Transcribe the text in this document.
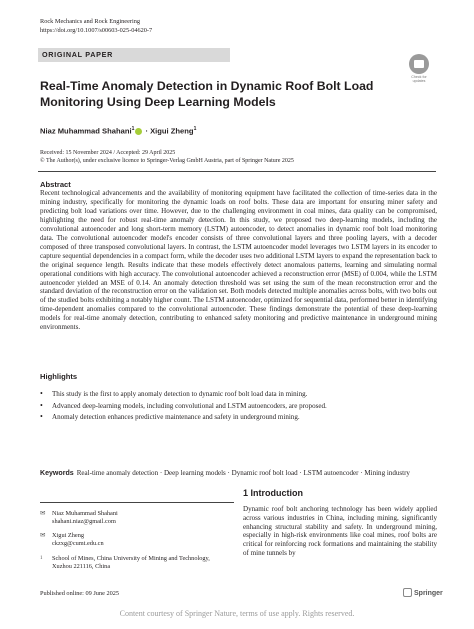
Rock Mechanics and Rock Engineering
https://doi.org/10.1007/s00603-025-04620-7
ORIGINAL PAPER
Check for
updates
Real-Time Anomaly Detection in Dynamic Roof Bolt Load Monitoring Using Deep Learning Models
Niaz Muhammad Shahani$^1$ · Xigui Zheng$^1$
Received: 15 November 2024 / Accepted: 29 April 2025
© The Author(s), under exclusive licence to Springer-Verlag GmbH Austria, part of Springer Nature 2025
Abstract

Recent technological advancements and the availability of monitoring equipment have facilitated the collection of time-series data in the mining industry, specifically for monitoring the dynamic loads on roof bolts. These data are important for ensuring miner safety and predicting bolt load variations over time. However, due to the challenging environment in coal mines, data quality can be compromised, highlighting the need for robust real-time anomaly detection. In this study, we proposed two deep-learning models, including the convolutional autoencoder and long short-term memory (LSTM) autoencoder, to detect anomalies in dynamic roof bolt load monitoring data. The convolutional autoencoder model's encoder consists of three convolutional layers and three pooling layers, with a decoder composed of three transposed convolutional layers. In contrast, the LSTM autoencoder model leverages two LSTM layers in its encoder to capture sequential dependencies in a compact form, while the decoder uses two additional LSTM layers to expand the representation back to the original sequence length. Results indicate that these models effectively detect anomalous patterns, learning and simulating normal operational conditions with high accuracy. The convolutional autoencoder achieved a reconstruction error (MSE) of 0.004, while the LSTM autoencoder yielded an MSE of 0.14. An anomaly detection threshold was set using the sum of the mean reconstruction error and the standard deviation of the reconstruction error on the validation set. Both models detected multiple anomalies across bolts, with two bolts out of the studied bolts exhibiting a notably higher count. The LSTM autoencoder, optimized for sequential data, performed better in identifying time-dependent anomalies compared to the convolutional autoencoder. These findings demonstrate the potential of these deep-learning models for real-time anomaly detection, contributing to enhanced safety monitoring and predictive maintenance in underground mining environments.

Highlights
• This study is the first to apply anomaly detection to dynamic roof bolt load data in mining.
• Advanced deep-learning models, including convolutional and LSTM autoencoders, are proposed.
• Anomaly detection enhances predictive maintenance and safety in underground mining.

Keywords Real-time anomaly detection · Deep learning models · Dynamic roof bolt load · LSTM autoencoder · Mining industry

1 Introduction

Dynamic roof bolt anchoring technology has been widely applied across various industries in China, including mining, significantly enhancing structural stability and safety. In underground mining, especially in high-risk environments like coal mines, roof bolts are critical for reinforcing rock formations and maintaining the stability of mine tunnels by

✉ Niaz Muhammad Shahani
shahani.niaz@gmail.com
✉ Xigui Zheng
ckzxg@cumt.edu.cn
1 School of Mines, China University of Mining and Technology, Xuzhou 221116, China
Published online: 09 June 2025	Springer
Content courtesy of Springer Nature, terms of use apply. Rights reserved.
